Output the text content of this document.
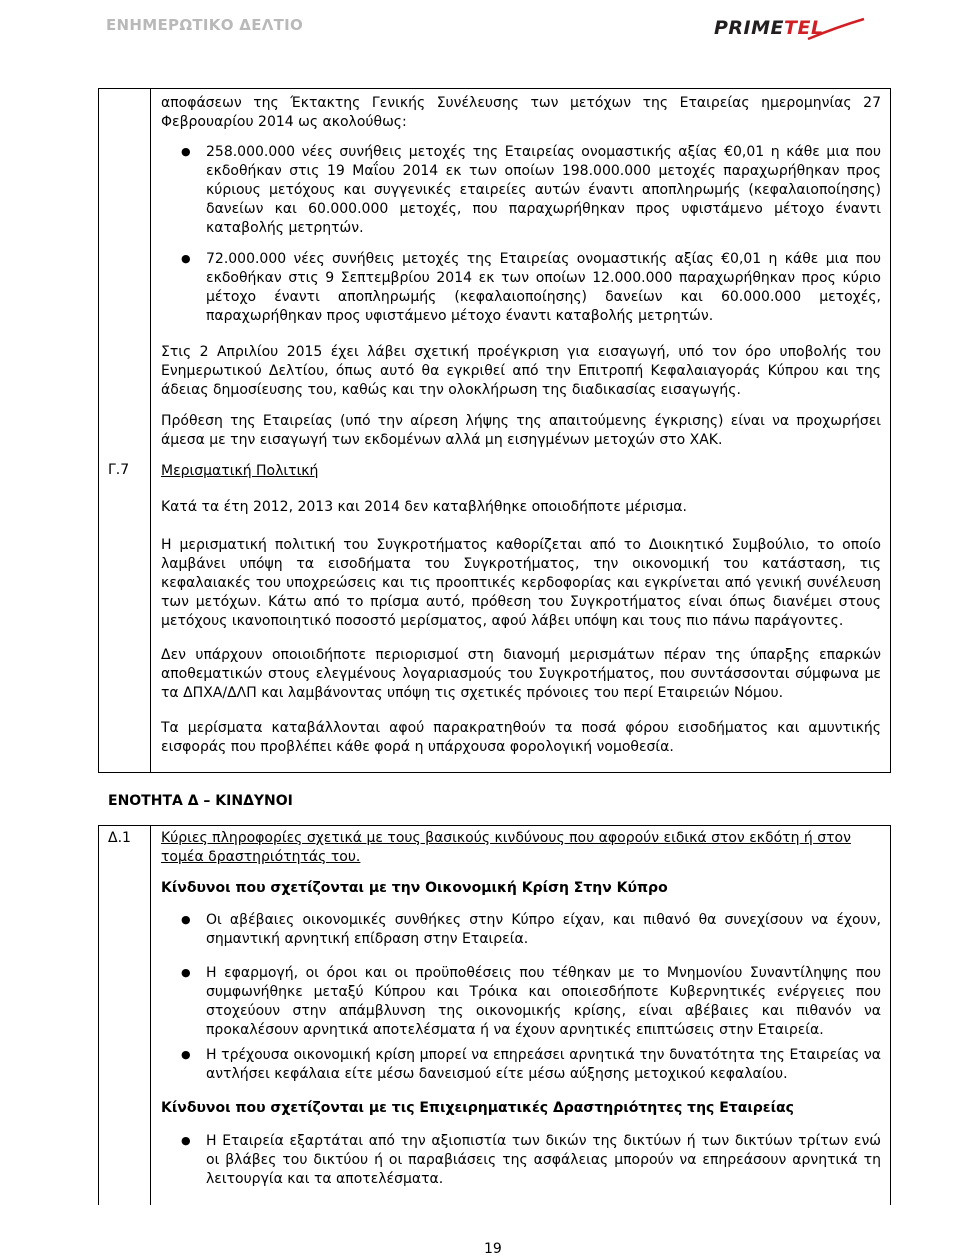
ΕΝΗΜΕΡΩΤΙΚΟ ΔΕΛΤΙΟ	PRIMETEL
αποφάσεων της Έκτακτης Γενικής Συνέλευσης των μετόχων της Εταιρείας ημερομηνίας 27 Φεβρουαρίου 2014 ως ακολούθως:
● 258.000.000 νέες συνήθεις μετοχές της Εταιρείας ονομαστικής αξίας €0,01 η κάθε μια που εκδοθήκαν στις 19 Μαΐου 2014 εκ των οποίων 198.000.000 μετοχές παραχωρήθηκαν προς κύριους μετόχους και συγγενικές εταιρείες αυτών έναντι αποπληρωμής (κεφαλαιοποίησης) δανείων και 60.000.000 μετοχές, που παραχωρήθηκαν προς υφιστάμενο μέτοχο έναντι καταβολής μετρητών.
● 72.000.000 νέες συνήθεις μετοχές της Εταιρείας ονομαστικής αξίας €0,01 η κάθε μια που εκδοθήκαν στις 9 Σεπτεμβρίου 2014 εκ των οποίων 12.000.000 παραχωρήθηκαν προς κύριο μέτοχο έναντι αποπληρωμής (κεφαλαιοποίησης) δανείων και 60.000.000 μετοχές, παραχωρήθηκαν προς υφιστάμενο μέτοχο έναντι καταβολής μετρητών.
Στις 2 Απριλίου 2015 έχει λάβει σχετική προέγκριση για εισαγωγή, υπό τον όρο υποβολής του Ενημερωτικού Δελτίου, όπως αυτό θα εγκριθεί από την Επιτροπή Κεφαλαιαγοράς Κύπρου και της άδειας δημοσίευσης του, καθώς και την ολοκλήρωση της διαδικασίας εισαγωγής.
Πρόθεση της Εταιρείας (υπό την αίρεση λήψης της απαιτούμενης έγκρισης) είναι να προχωρήσει άμεσα με την εισαγωγή των εκδομένων αλλά μη εισηγμένων μετοχών στο ΧΑΚ.
Γ.7 Μερισματική Πολιτική
Κατά τα έτη 2012, 2013 και 2014 δεν καταβλήθηκε οποιοδήποτε μέρισμα.
Η μερισματική πολιτική του Συγκροτήματος καθορίζεται από το Διοικητικό Συμβούλιο, το οποίο λαμβάνει υπόψη τα εισοδήματα του Συγκροτήματος, την οικονομική του κατάσταση, τις κεφαλαιακές του υποχρεώσεις και τις προοπτικές κερδοφορίας και εγκρίνεται από γενική συνέλευση των μετόχων. Κάτω από το πρίσμα αυτό, πρόθεση του Συγκροτήματος είναι όπως διανέμει στους μετόχους ικανοποιητικό ποσοστό μερίσματος, αφού λάβει υπόψη και τους πιο πάνω παράγοντες.
Δεν υπάρχουν οποιοιδήποτε περιορισμοί στη διανομή μερισμάτων πέραν της ύπαρξης επαρκών αποθεματικών στους ελεγμένους λογαριασμούς του Συγκροτήματος, που συντάσσονται σύμφωνα με τα ΔΠΧΑ/ΔΛΠ και λαμβάνοντας υπόψη τις σχετικές πρόνοιες του περί Εταιρειών Νόμου.
Τα μερίσματα καταβάλλονται αφού παρακρατηθούν τα ποσά φόρου εισοδήματος και αμυντικής εισφοράς που προβλέπει κάθε φορά η υπάρχουσα φορολογική νομοθεσία.
ΕΝΟΤΗΤΑ Δ – ΚΙΝΔΥΝΟΙ
Δ.1 Κύριες πληροφορίες σχετικά με τους βασικούς κινδύνους που αφορούν ειδικά στον εκδότη ή στον τομέα δραστηριότητάς του.
Κίνδυνοι που σχετίζονται με την Οικονομική Κρίση Στην Κύπρο
● Οι αβέβαιες οικονομικές συνθήκες στην Κύπρο είχαν, και πιθανό θα συνεχίσουν να έχουν, σημαντική αρνητική επίδραση στην Εταιρεία.
● Η εφαρμογή, οι όροι και οι προϋποθέσεις που τέθηκαν με το Μνημονίου Συναντίληψης που συμφωνήθηκε μεταξύ Κύπρου και Τρόικα και οποιεσδήποτε Κυβερνητικές ενέργειες που στοχεύουν στην απάμβλυνση της οικονομικής κρίσης, είναι αβέβαιες και πιθανόν να προκαλέσουν αρνητικά αποτελέσματα ή να έχουν αρνητικές επιπτώσεις στην Εταιρεία.
● Η τρέχουσα οικονομική κρίση μπορεί να επηρεάσει αρνητικά την δυνατότητα της Εταιρείας να αντλήσει κεφάλαια είτε μέσω δανεισμού είτε μέσω αύξησης μετοχικού κεφαλαίου.
Κίνδυνοι που σχετίζονται με τις Επιχειρηματικές Δραστηριότητες της Εταιρείας
● Η Εταιρεία εξαρτάται από την αξιοπιστία των δικών της δικτύων ή των δικτύων τρίτων ενώ οι βλάβες του δικτύου ή οι παραβιάσεις της ασφάλειας μπορούν να επηρεάσουν αρνητικά τη λειτουργία και τα αποτελέσματα.
19
